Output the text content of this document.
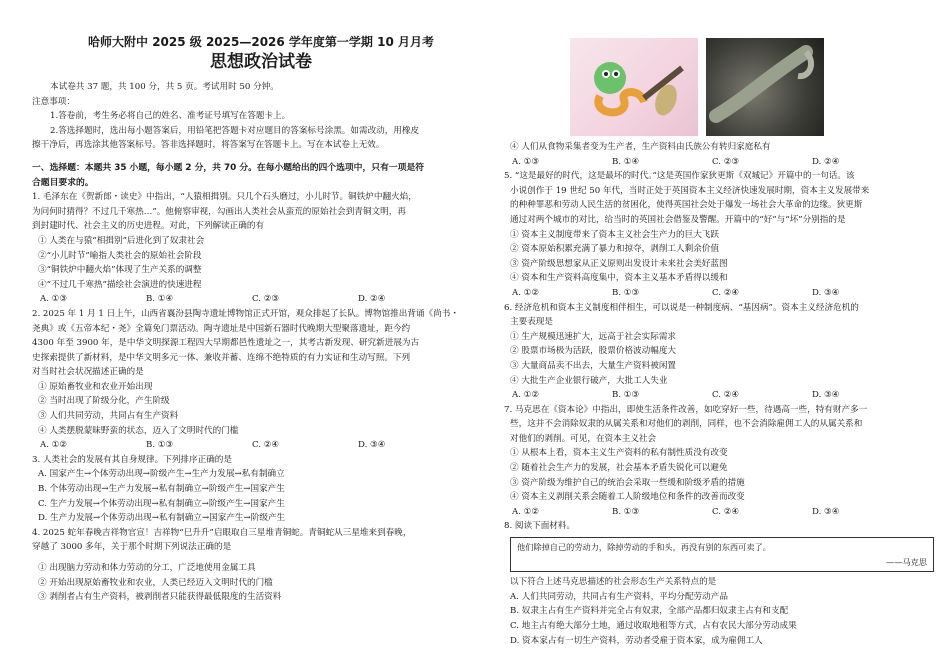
哈师大附中 2025 级 2025—2026 学年度第一学期 10 月月考
思想政治试卷

本试卷共 37 题，共 100 分，共 5 页。考试用时 50 分钟。

注意事项：

1.答卷前，考生务必将自己的姓名、准考证号填写在答题卡上。

2.答选择题时，选出每小题答案后，用铅笔把答题卡对应题目的答案标号涂黑。如需改动，用橡皮

擦干净后，再选涂其他答案标号。答非选择题时，将答案写在答题卡上。写在本试卷上无效。

一、选择题：本题共 35 小题，每小题 2 分，共 70 分。在每小题给出的四个选项中，只有一项是符
合题目要求的。

1. 毛泽东在《贺新郎・读史》中指出，“人猿相揖别。只几个石头磨过，小儿时节。铜铁炉中翻火焰，

为问何时猜得？不过几千寒热…”。他俯察审视，勾画出人类社会从蛮荒的原始社会到青铜文明，再

到封建时代、社会主义的历史进程。对此，下列解读正确的有

① 人类在与猿“相揖别”后进化到了奴隶社会

②“小儿时节”喻指人类社会的原始社会阶段

③“铜铁炉中翻火焰”体现了生产关系的调整

④“不过几千寒热”描绘社会演进的快速进程

A. ①③	B. ①④	C. ②③	D. ②④

2. 2025 年 1 月 1 日上午，山西省襄汾县陶寺遗址博物馆正式开馆，观众排起了长队。博物馆推出背诵《尚书・

尧典》或《五帝本纪・尧》全篇免门票活动。陶寺遗址是中国新石器时代晚期大型聚落遗址，距今约

4300 年至 3900 年，是中华文明探源工程四大早期都邑性遗址之一，其考古新发现、研究新进展为古

史探索提供了新材料，是中华文明多元一体、兼收并蓄、连绵不绝特质的有力实证和生动写照。下列

对当时社会状况描述正确的是

① 原始畜牧业和农业开始出现

② 当时出现了阶级分化，产生阶级

③ 人们共同劳动，共同占有生产资料

④ 人类摆脱蒙昧野蛮的状态，迈入了文明时代的门槛

A. ①②	B. ①③	C. ②④	D. ③④

3. 人类社会的发展有其自身规律。下列排序正确的是

A. 国家产生→个体劳动出现→阶级产生→生产力发展→私有制确立

B. 个体劳动出现→生产力发展→私有制确立→阶级产生→国家产生

C. 生产力发展→个体劳动出现→私有制确立→阶级产生→国家产生

D. 生产力发展→个体劳动出现→私有制确立→国家产生→阶级产生

4. 2025 蛇年春晚吉祥物官宣！吉祥物“巳升升”启眼取自三星堆青铜蛇。青铜蛇从三星堆来到春晚，

穿越了 3000 多年，关于那个时期下列说法正确的是

① 出现脑力劳动和体力劳动的分工，广泛地使用金属工具

② 开始出现原始畜牧业和农业，人类已经迈入文明时代的门槛

③ 剥削者占有生产资料，被剥削者只能获得最低限度的生活资料

④ 人们从食物采集者变为生产者，生产资料由氏族公有转归家庭私有

A. ①③	B. ①④	C. ②③	D. ②④

5. “这是最好的时代，这是最坏的时代。”这是英国作家狄更斯《双城记》开篇中的一句话。该

小说创作于 19 世纪 50 年代，当时正处于英国资本主义经济快速发展时期，资本主义发展带来

的种种罪恶和劳动人民生活的贫困化，使得英国社会处于爆发一场社会大革命的边缘。狄更斯

通过对两个城市的对比，给当时的英国社会借鉴及警醒。开篇中的“好”与“坏”分别指的是

① 资本主义制度带来了资本主义社会生产力的巨大飞跃

② 资本原始积累充满了暴力和掠夺，剥削工人剩余价值

③ 资产阶级思想家从正义原则出发设计未来社会美好蓝图

④ 资本和生产资料高度集中，资本主义基本矛盾得以缓和

A. ①②	B. ①③	C. ②④	D. ③④

6. 经济危机和资本主义制度相伴相生，可以说是一种制度病、“基因病”。资本主义经济危机的

主要表现是

① 生产规模迅速扩大，远高于社会实际需求

② 股票市场极为活跃，股票价格波动幅度大

③ 大量商品卖不出去，大量生产资料被闲置

④ 大批生产企业银行破产，大批工人失业

A. ①②	B. ①③	C. ②④	D. ③④

7. 马克思在《资本论》中指出，即使生活条件改善，如吃穿好一些，待遇高一些，特有财产多一

些，这并不会消除奴隶的从属关系和对他们的剥削，同样，也不会消除雇佣工人的从属关系和

对他们的剥削。可见，在资本主义社会

① 从根本上看，资本主义生产资料的私有制性质没有改变

② 随着社会生产力的发展，社会基本矛盾失锐化可以避免

③ 资产阶级为维护自己的统治会采取一些缓和阶级矛盾的措施

④ 资本主义剥削关系会随着工人阶级地位和条件的改善而改变

A. ①②	B. ①③	C. ②④	D. ③④

8. 阅读下面材料。

他们除掉自己的劳动力，除掉劳动的手和头，再没有别的东西可卖了。
——马克思

以下符合上述马克思描述的社会形态生产关系特点的是

A. 人们共同劳动，共同占有生产资料，平均分配劳动产品

B. 奴隶主占有生产资料并完全占有奴隶，全部产品都归奴隶主占有和支配

C. 地主占有绝大部分土地，通过收取地租等方式，占有农民大部分劳动成果

D. 资本家占有一切生产资料，劳动者受雇于资本家，成为雇佣工人
